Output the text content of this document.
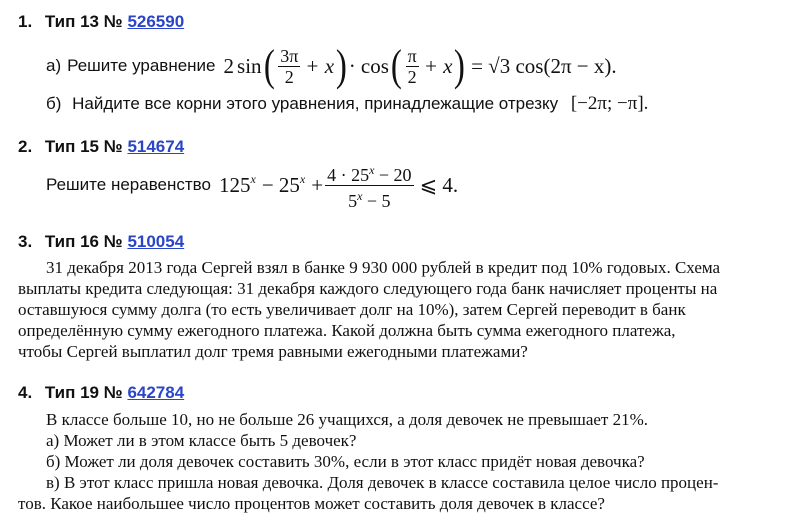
1. Тип 13 № 526590
а) Решите уравнение 2 sin ( $\frac{3\pi}{2} + x$ ) · cos ( $\frac{\pi}{2} + x$ ) = √3 cos(2π − x).
б) Найдите все корни этого уравнения, принадлежащие отрезку [−2π; −π].
2. Тип 15 № 514674
Решите неравенство $125^x - 25^x + \frac{4 \cdot 25^x - 20}{5^x - 5}$ ⩽ 4.
3. Тип 16 № 510054
31 декабря 2013 года Сергей взял в банке 9 930 000 рублей в кредит под 10% годовых. Схема
выплаты кредита следующая: 31 декабря каждого следующего года банк начисляет проценты на
оставшуюся сумму долга (то есть увеличивает долг на 10%), затем Сергей переводит в банк
определённую сумму ежегодного платежа. Какой должна быть сумма ежегодного платежа,
чтобы Сергей выплатил долг тремя равными ежегодными платежами?
4. Тип 19 № 642784
В классе больше 10, но не больше 26 учащихся, а доля девочек не превышает 21%.
а) Может ли в этом классе быть 5 девочек?
б) Может ли доля девочек составить 30%, если в этот класс придёт новая девочка?
в) В этот класс пришла новая девочка. Доля девочек в классе составила целое число процен-
тов. Какое наибольшее число процентов может составить доля девочек в классе?
